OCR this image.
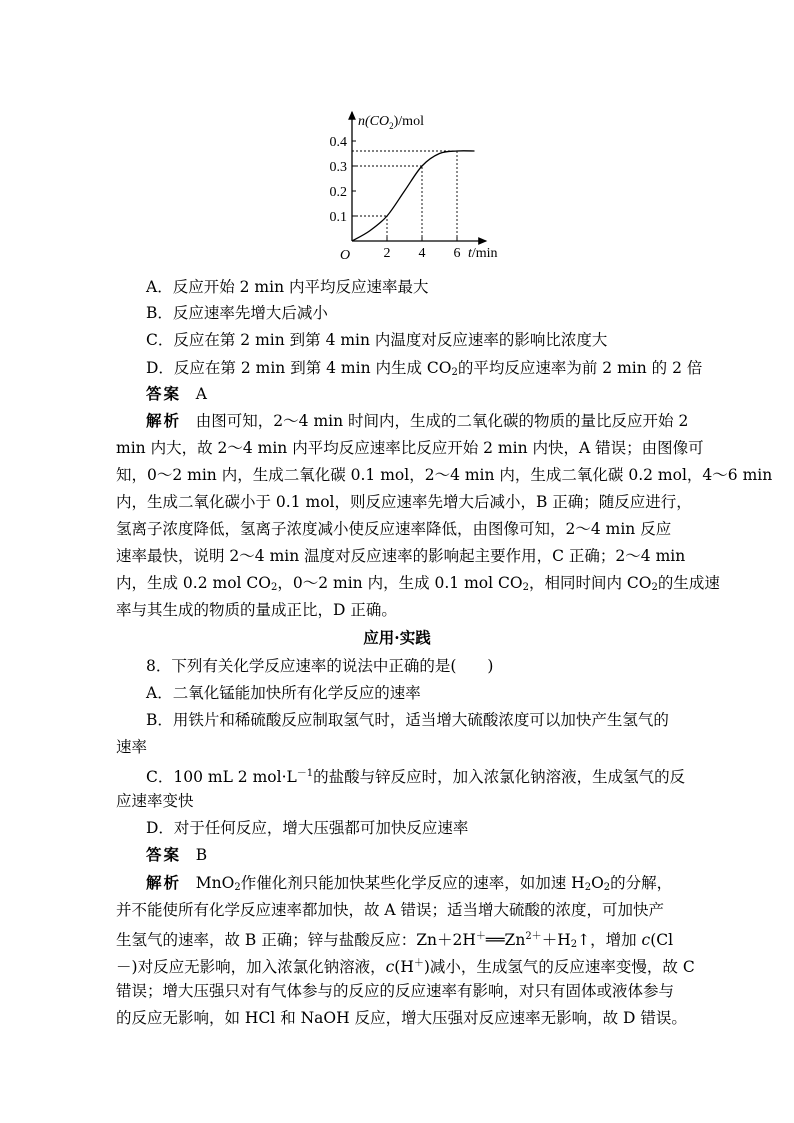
$n(CO_2)$/mol
t/min
O 2 4 6
0.1
0.2
0.3
0.4
A．反应开始 2 min 内平均反应速率最大
B．反应速率先增大后减小
C．反应在第 2 min 到第 4 min 内温度对反应速率的影响比浓度大
D．反应在第 2 min 到第 4 min 内生成 $CO_2$的平均反应速率为前 2 min 的 2 倍
答案 A
解析 由图可知，2～4 min 时间内，生成的二氧化碳的物质的量比反应开始 2
min 内大，故 2～4 min 内平均反应速率比反应开始 2 min 内快，A 错误；由图像可
知，0～2 min 内，生成二氧化碳 0.1 mol，2～4 min 内，生成二氧化碳 0.2 mol，4～6 min
内，生成二氧化碳小于 0.1 mol，则反应速率先增大后减小，B 正确；随反应进行，
氢离子浓度降低，氢离子浓度减小使反应速率降低，由图像可知，2～4 min 反应
速率最快，说明 2～4 min 温度对反应速率的影响起主要作用，C 正确；2～4 min
内，生成 0.2 mol $CO_2$，0～2 min 内，生成 0.1 mol $CO_2$，相同时间内 $CO_2$的生成速
率与其生成的物质的量成正比，D 正确。
应用·实践
8．下列有关化学反应速率的说法中正确的是(　　)
A．二氧化锰能加快所有化学反应的速率
B．用铁片和稀硫酸反应制取氢气时，适当增大硫酸浓度可以加快产生氢气的
速率
C．100 mL 2 $mol\cdot L^{-1}$的盐酸与锌反应时，加入浓氯化钠溶液，生成氢气的反
应速率变快
D．对于任何反应，增大压强都可加快反应速率
答案 B
解析 MnO$_2$作催化剂只能加快某些化学反应的速率，如加速 $H_2O_2$的分解，
并不能使所有化学反应速率都加快，故 A 错误；适当增大硫酸的浓度，可加快产
生氢气的速率，故 B 正确；锌与盐酸反应：$Zn+2H^+══Zn^{2+}+H_2↑$，增加 c(Cl
－)对反应无影响，加入浓氯化钠溶液，c(H＋)减小，生成氢气的反应速率变慢，故 C
错误；增大压强只对有气体参与的反应的反应速率有影响，对只有固体或液体参与
的反应无影响，如 HCl 和 NaOH 反应，增大压强对反应速率无影响，故 D 错误。
